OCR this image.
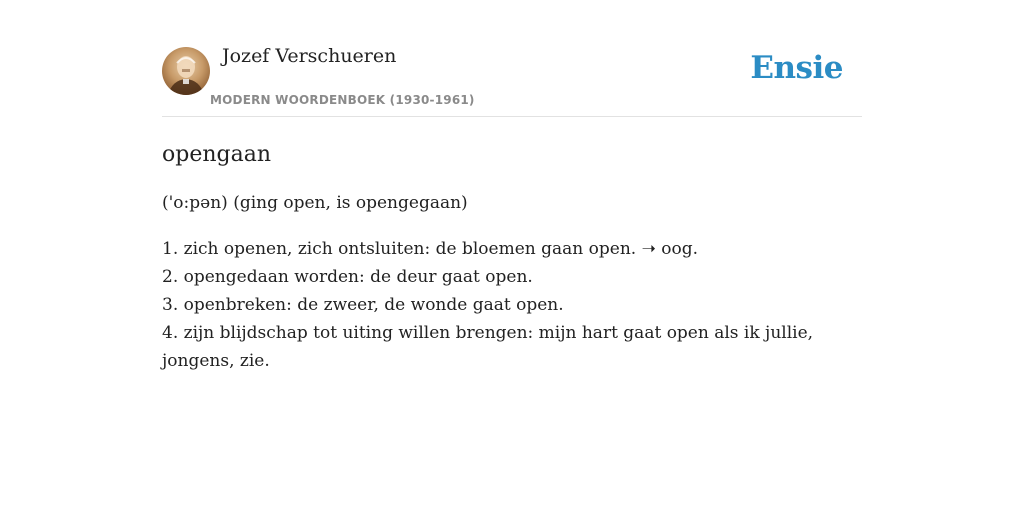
Jozef Verschueren
MODERN WOORDENBOEK (1930-1961)
Ensie
opengaan

('o:pən) (ging open, is opengegaan)

1. zich openen, zich ontsluiten: de bloemen gaan open. ➝ oog.
2. opengedaan worden: de deur gaat open.
3. openbreken: de zweer, de wonde gaat open.
4. zijn blijdschap tot uiting willen brengen: mijn hart gaat open als ik jullie, jongens, zie.
